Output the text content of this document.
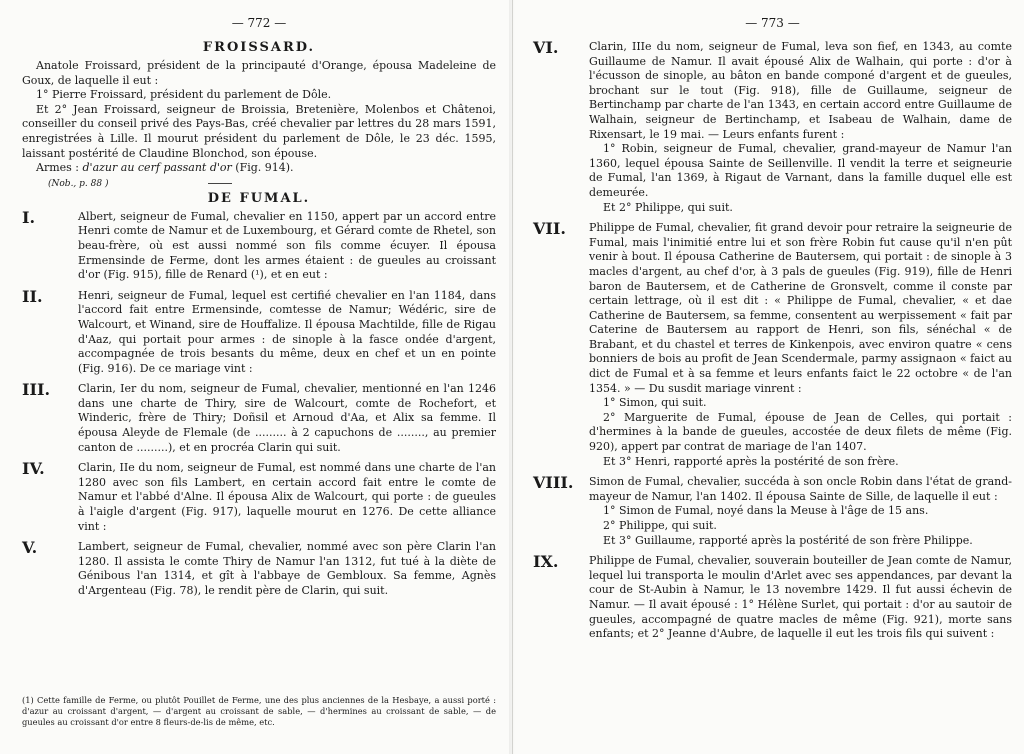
— 772 —
FROISSARD.

Anatole Froissard, président de la principauté d'Orange, épousa Madeleine de Goux, de laquelle il eut :

1° Pierre Froissard, président du parlement de Dôle.

Et 2° Jean Froissard, seigneur de Broissia, Bretenière, Molenbos et Châtenoi, conseiller du conseil privé des Pays-Bas, créé chevalier par lettres du 28 mars 1591, enregistrées à Lille. Il mourut président du parlement de Dôle, le 23 déc. 1595, laissant postérité de Claudine Blonchod, son épouse.

Armes : d'azur au cerf passant d'or (Fig. 914).

(Nob., p. 88 )
DE FUMAL.
I.	Albert, seigneur de Fumal, chevalier en 1150, appert par un accord entre Henri comte de Namur et de Luxembourg, et Gérard comte de Rhetel, son beau-frère, où est aussi nommé son fils comme écuyer. Il épousa Ermensinde de Ferme, dont les armes étaient : de gueules au croissant d'or (Fig. 915), fille de Renard (¹), et en eut :

II.	Henri, seigneur de Fumal, lequel est certifié chevalier en l'an 1184, dans l'accord fait entre Ermensinde, comtesse de Namur; Wédéric, sire de Walcourt, et Winand, sire de Houffalize. Il épousa Machtilde, fille de Rigau d'Aaz, qui portait pour armes : de sinople à la fasce ondée d'argent, accompagnée de trois besants du même, deux en chef et un en pointe (Fig. 916). De ce mariage vint :

III.	Clarin, Ier du nom, seigneur de Fumal, chevalier, mentionné en l'an 1246 dans une charte de Thiry, sire de Walcourt, comte de Rochefort, et Winderic, frère de Thiry; Doñsil et Arnoud d'Aa, et Alix sa femme. Il épousa Aleyde de Flemale (de ......... à 2 capuchons de ........, au premier canton de .........), et en procréa Clarin qui suit.

IV.	Clarin, IIe du nom, seigneur de Fumal, est nommé dans une charte de l'an 1280 avec son fils Lambert, en certain accord fait entre le comte de Namur et l'abbé d'Alne. Il épousa Alix de Walcourt, qui porte : de gueules à l'aigle d'argent (Fig. 917), laquelle mourut en 1276. De cette alliance vint :

V.	Lambert, seigneur de Fumal, chevalier, nommé avec son père Clarin l'an 1280. Il assista le comte Thiry de Namur l'an 1312, fut tué à la diète de Génibous l'an 1314, et gît à l'abbaye de Gembloux. Sa femme, Agnès d'Argenteau (Fig. 78), le rendit père de Clarin, qui suit.

(1) Cette famille de Ferme, ou plutôt Pouillet de Ferme, une des plus anciennes de la Hesbaye, a aussi porté : d'azur au croissant d'argent, — d'argent au croissant de sable, — d'hermines au croissant de sable, — de gueules au croissant d'or entre 8 fleurs-de-lis de même, etc.
— 773 —
VI.	Clarin, IIIe du nom, seigneur de Fumal, leva son fief, en 1343, au comte Guillaume de Namur. Il avait épousé Alix de Walhain, qui porte : d'or à l'écusson de sinople, au bâton en bande componé d'argent et de gueules, brochant sur le tout (Fig. 918), fille de Guillaume, seigneur de Bertinchamp par charte de l'an 1343, en certain accord entre Guillaume de Walhain, seigneur de Bertinchamp, et Isabeau de Walhain, dame de Rixensart, le 19 mai. — Leurs enfants furent :

1° Robin, seigneur de Fumal, chevalier, grand-mayeur de Namur l'an 1360, lequel épousa Sainte de Seillenville. Il vendit la terre et seigneurie de Fumal, l'an 1369, à Rigaut de Varnant, dans la famille duquel elle est demeurée.

Et 2° Philippe, qui suit.

VII. Philippe de Fumal, chevalier, fit grand devoir pour retraire la seigneurie de Fumal, mais l'inimitié entre lui et son frère Robin fut cause qu'il n'en pût venir à bout. Il épousa Catherine de Bautersem, qui portait : de sinople à 3 macles d'argent, au chef d'or, à 3 pals de gueules (Fig. 919), fille de Henri baron de Bautersem, et de Catherine de Gronsvelt, comme il conste par certain lettrage, où il est dit : « Philippe de Fumal, chevalier, « et dae Catherine de Bautersem, sa femme, consentent au werpissement « fait par Caterine de Bautersem au rapport de Henri, son fils, sénéchal « de Brabant, et du chastel et terres de Kinkenpois, avec environ quatre « cens bonniers de bois au profit de Jean Scendermale, parmy assignaon « faict au dict de Fumal et à sa femme et leurs enfants faict le 22 octobre « de l'an 1354. » — Du susdit mariage vinrent :

1° Simon, qui suit.

2° Marguerite de Fumal, épouse de Jean de Celles, qui portait : d'hermines à la bande de gueules, accostée de deux filets de même (Fig. 920), appert par contrat de mariage de l'an 1407.

Et 3° Henri, rapporté après la postérité de son frère.

VIII. Simon de Fumal, chevalier, succéda à son oncle Robin dans l'état de grand-mayeur de Namur, l'an 1402. Il épousa Sainte de Sille, de laquelle il eut :

1° Simon de Fumal, noyé dans la Meuse à l'âge de 15 ans.

2° Philippe, qui suit.

Et 3° Guillaume, rapporté après la postérité de son frère Philippe.

IX.	Philippe de Fumal, chevalier, souverain bouteiller de Jean comte de Namur, lequel lui transporta le moulin d'Arlet avec ses appendances, par devant la cour de St-Aubin à Namur, le 13 novembre 1429. Il fut aussi échevin de Namur. — Il avait épousé : 1° Hélène Surlet, qui portait : d'or au sautoir de gueules, accompagné de quatre macles de même (Fig. 921), morte sans enfants; et 2° Jeanne d'Aubre, de laquelle il eut les trois fils qui suivent :
